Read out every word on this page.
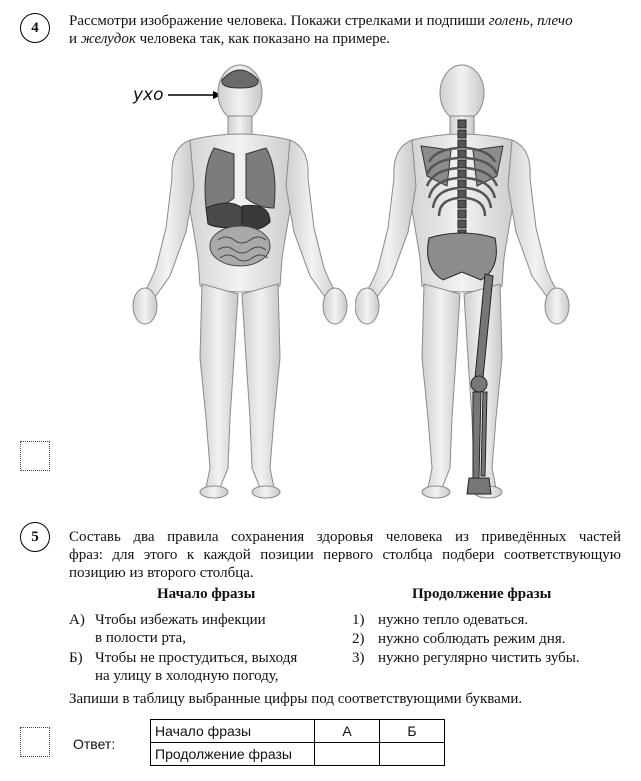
4	Рассмотри изображение человека. Покажи стрелками и подпиши голень, плечо
и желудок человека так, как показано на примере.
ухо
5	Составь два правила сохранения здоровья человека из приведённых частей
фраз: для этого к каждой позиции первого столбца подбери соответствующую
позицию из второго столбца.
Начало фразы	Продолжение фразы
А) Чтобы избежать инфекции
в полости рта,
Б) Чтобы не простудиться, выходя
на улицу в холодную погоду,
1) нужно тепло одеваться.
2) нужно соблюдать режим дня.
3) нужно регулярно чистить зубы.
Запиши в таблицу выбранные цифры под соответствующими буквами.
Ответ:
Начало фразы	А	Б
Продолжение фразы		
